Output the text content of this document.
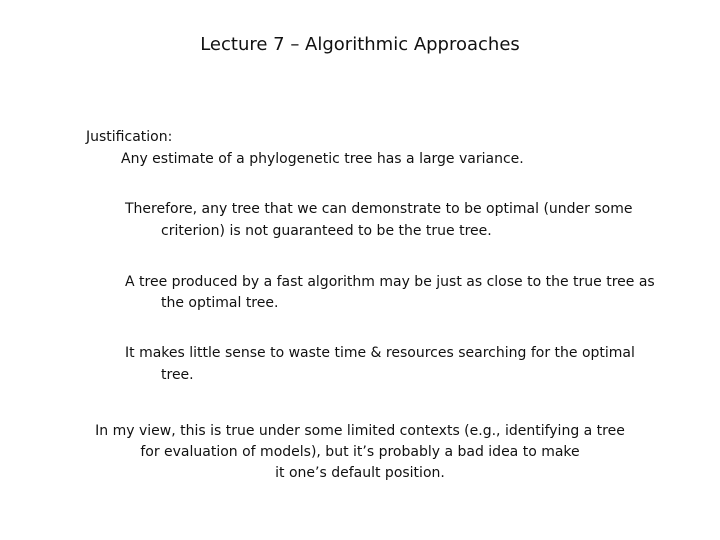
Lecture 7 – Algorithmic Approaches
Justification:
Any estimate of a phylogenetic tree has a large variance.
Therefore, any tree that we can demonstrate to be optimal (under some
criterion) is not guaranteed to be the true tree.
A tree produced by a fast algorithm may be just as close to the true tree as
the optimal tree.
It makes little sense to waste time & resources searching for the optimal
tree.
In my view, this is true under some limited contexts (e.g., identifying a tree
for evaluation of models), but it’s probably a bad idea to make
it one’s default position.
